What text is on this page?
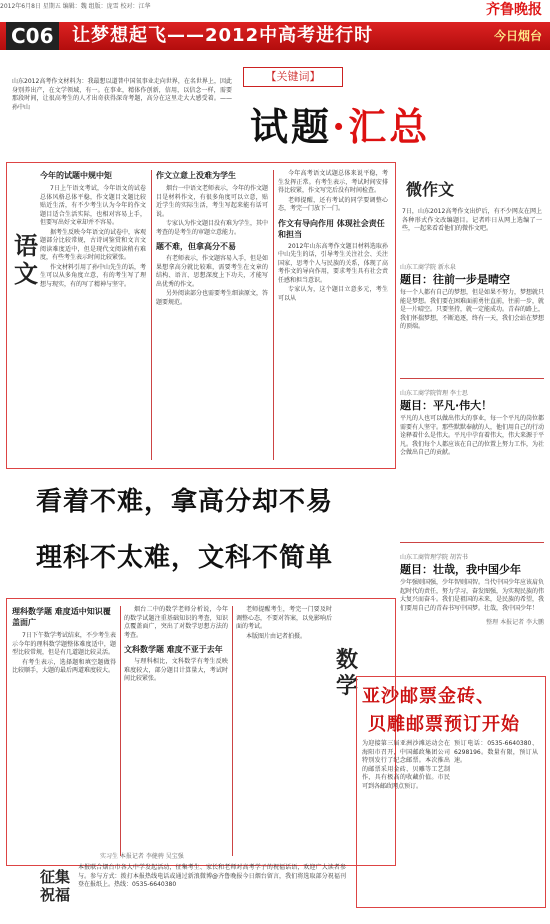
2012年6月8日 星期五 编辑：魏 组版：庞雪 校对：江华	齐鲁晚报
C06 让梦想起飞——2012中高考进行时	今日烟台
山东2012高考作文材料为：我最想以道普中国氧事业走向世界，在名世界上，因此身别养出产，在文学领域，有一。在事业，精体作创新，信用，以信念一样，需要那段时间，让很高考生的人才出奇获得深奇考题，高分在这里走大大感受着。——孙中山
【关键词】
试题·汇总
语文
今年的试题中规中矩

7日上午语文考试，今年语文的试卷总体风格总体平稳，作文题目文题比较贴近生活，有不少考生认为今年的作文题目适合生活实际，也相对容易上手，但要写出好文章却并不容易。

据考生反映今年语文的试卷中，客观题部分比较常规，古诗词鉴赏和文言文阅读难度适中，但是现代文阅读稍有难度，有些考生表示时间比较紧张。

作文材料引用了孙中山先生的话，考生可以从多角度立意，有的考生写了理想与现实，有的写了精神与坚守。

作文立意上没难为学生

烟台一中语文老师表示，今年的作文题目是材料作文，有很多角度可以立意，贴近学生的实际生活，考生写起来能有话可说。

专家认为作文题目没有难为学生，其中考查的是考生的审题立意能力。

题不难，但拿高分不易

有老师表示，作文题容易入手，但是如果想拿高分就比较难，需要考生在文章的结构、语言、思想深度上下功夫，才能写出优秀的作文。

另外阅读部分也需要考生细读原文，答题要规范。

今年高考语文试题总体来说平稳，考生发挥正常。有考生表示，考试时间安排得比较紧，作文写完后没有时间检查。

老师提醒，还有考试的同学要调整心态，考完一门放下一门。

作文有导向作用 体现社会责任和担当

2012年山东高考作文题目材料选取孙中山先生的话，引导考生关注社会、关注国家，思考个人与民族的关系，体现了高考作文的导向作用，要求考生具有社会责任感和担当意识。

专家认为，这个题目立意多元，考生可以从

微作文
7日，山东2012高考作文出炉后，有不少网友在网上各种形式作文改编题目。记者昨日从网上选编了一些，一起来看看他们的微作文吧。
山东工商学院 新水泉
题目：往前一步是晴空
每一个人都有自己的梦想，但是如果不努力，梦想就只能是梦想。我们要在困难面前勇往直前，往前一步，就是一片晴空。只要坚持，就一定能成功。青春的路上，我们怀揣梦想，不断追逐，终有一天，我们会站在梦想的顶端。
山东工商学院管理 李士思
题目：平凡·伟大！
平凡的人也可以做出伟大的事业，每一个平凡的岗位都需要有人坚守。那些默默奉献的人，他们用自己的行动诠释着什么是伟大。平凡中孕育着伟大，伟大来源于平凡。我们每个人都应该在自己的位置上努力工作，为社会做出自己的贡献。
山东工商管理学院 胡苦书
题目：壮哉，我中国少年
少年强则国强，少年智则国智。当代中国少年应该肩负起时代的责任，努力学习，奋发图强，为实现民族的伟大复兴而奋斗。我们是祖国的未来，是民族的希望，我们要用自己的青春书写中国梦。壮哉，我中国少年！
整理 本报记者 李大鹏
看着不难，拿高分却不易
理科不太难，文科不简单
数学
理科数学题 难度适中知识覆盖面广

7日下午数学考试结束，不少考生表示今年的理科数学题整体难度适中，题型比较常规，但是有几道题比较灵活。

有考生表示，选择题和填空题做得比较顺手，大题的最后两道难度较大。

烟台二中的数学老师分析说，今年的数学试题注重基础知识的考查，知识点覆盖面广，突出了对数学思想方法的考查。

文科数学题 难度不亚于去年

与理科相比，文科数学有考生反映难度较大，部分题目计算量大，考试时间比较紧张。

老师提醒考生，考完一门要及时调整心态，不要对答案，以免影响后面的考试。

本版图片由记者拍摄。

实习生 本报记者 李健骋 吴宝强
亚沙邮票金砖、
贝雕邮票预订开始
为迎接第三届亚洲沙滩运动会在海阳市召开，中国邮政集团公司特别发行了纪念邮票。本次推出的邮票采用金砖、贝雕等工艺制作，具有极高的收藏价值。市民可到各邮政网点预订。
预订电话：0535-6640380、6298196。数量有限，预订从速。
征集祝福
本报联合烟台市各大中学发起活动，征集考生、家长和老师对高考学子的祝福话语，欢迎广大读者参与。参与方式：拨打本报热线电话或通过新浪微博@齐鲁晚报今日烟台留言，我们将选取部分祝福刊登在报纸上。热线：0535-6640380
